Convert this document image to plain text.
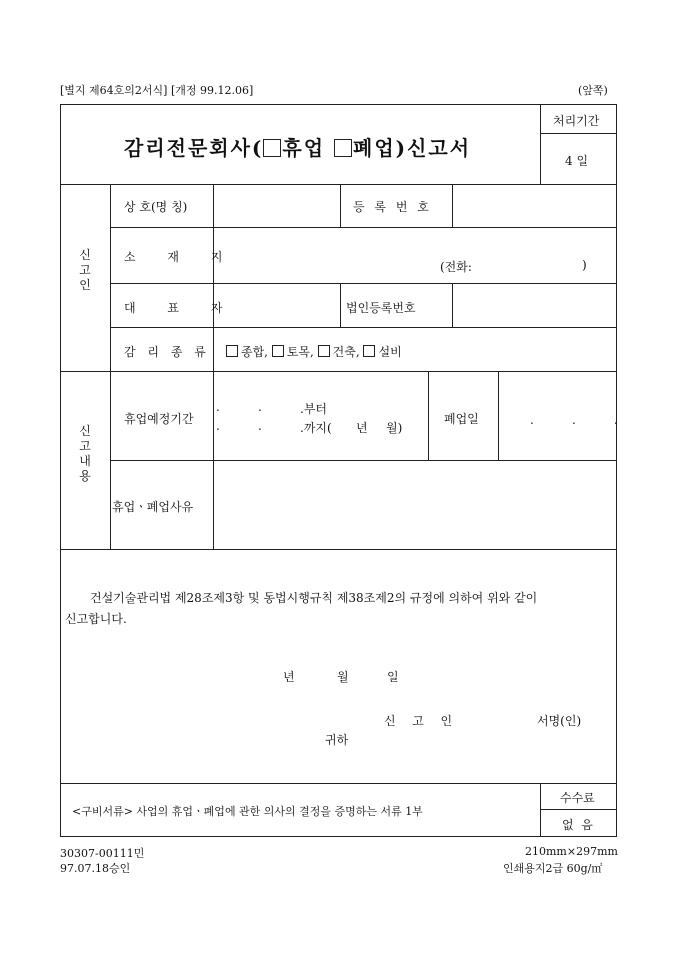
[별지 제64호의2서식] [개정 99.12.06]	(앞쪽)
감리전문회사( 휴업 폐업)신고서
처리기간
4 일
신
고
인
상 호(명 칭)	등 록 번 호
소 재 지
(전화:	)
대 표 자	법인등록번호
감 리 종 류	종합, 토목, 건축, 설비
신
고
내
용
휴업예정기간
.          .	.부터
.          .	.까지( 년 월)
폐업일	.          .          .
휴업ㆍ폐업사유
건설기술관리법 제28조제3항 및 동법시행규칙 제38조제2의 규정에 의하여 위와 같이
신고합니다.
년	월	일
신  고  인	서명(인)
귀하
<구비서류> 사업의 휴업ㆍ폐업에 관한 의사의 결정을 증명하는 서류 1부
수수료
없  음
30307-00111민
97.07.18승인
210mm×297mm
인쇄용지2급 60g/㎡
